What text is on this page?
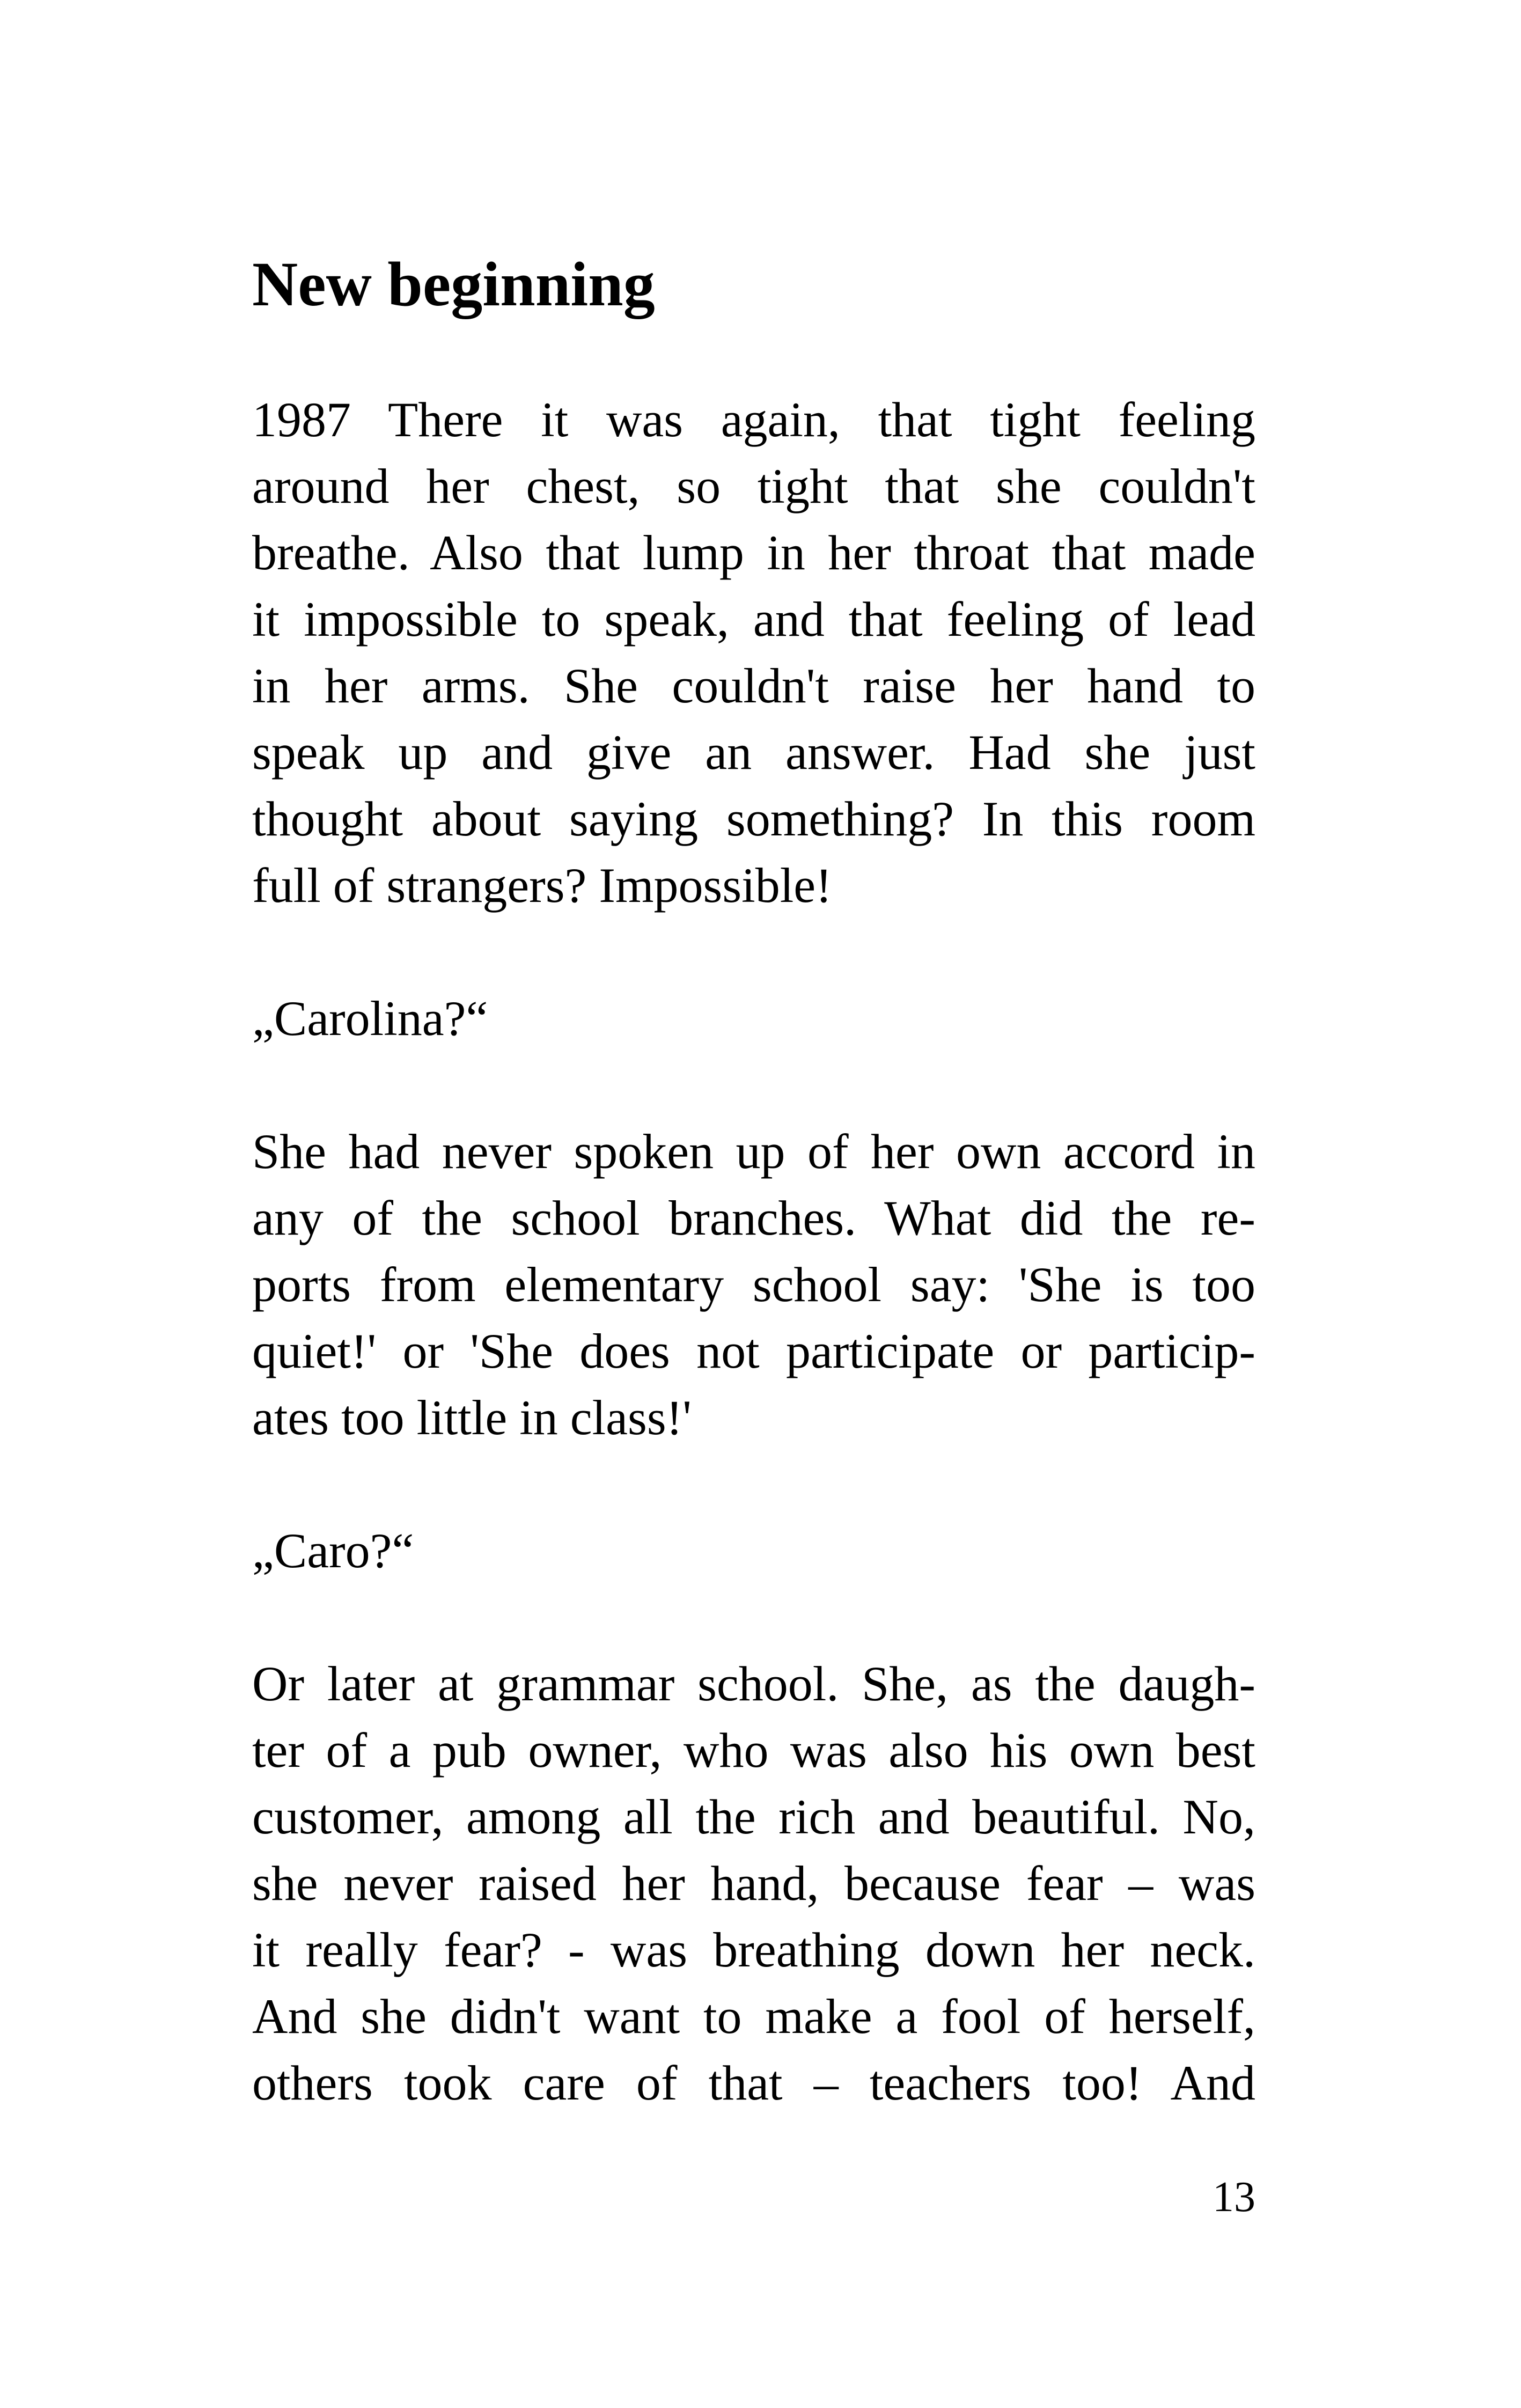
New beginning
1987 There it was again, that tight feeling
around her chest, so tight that she couldn't
breathe. Also that lump in her throat that made
it impossible to speak, and that feeling of lead
in her arms. She couldn't raise her hand to
speak up and give an answer. Had she just
thought about saying something? In this room
full of strangers? Impossible!
„Carolina?“
She had never spoken up of her own accord in
any of the school branches. What did the re-
ports from elementary school say: 'She is too
quiet!' or 'She does not participate or particip-
ates too little in class!'
„Caro?“
Or later at grammar school. She, as the daugh-
ter of a pub owner, who was also his own best
customer, among all the rich and beautiful. No,
she never raised her hand, because fear – was
it really fear? - was breathing down her neck.
And she didn't want to make a fool of herself,
others took care of that – teachers too! And
13
